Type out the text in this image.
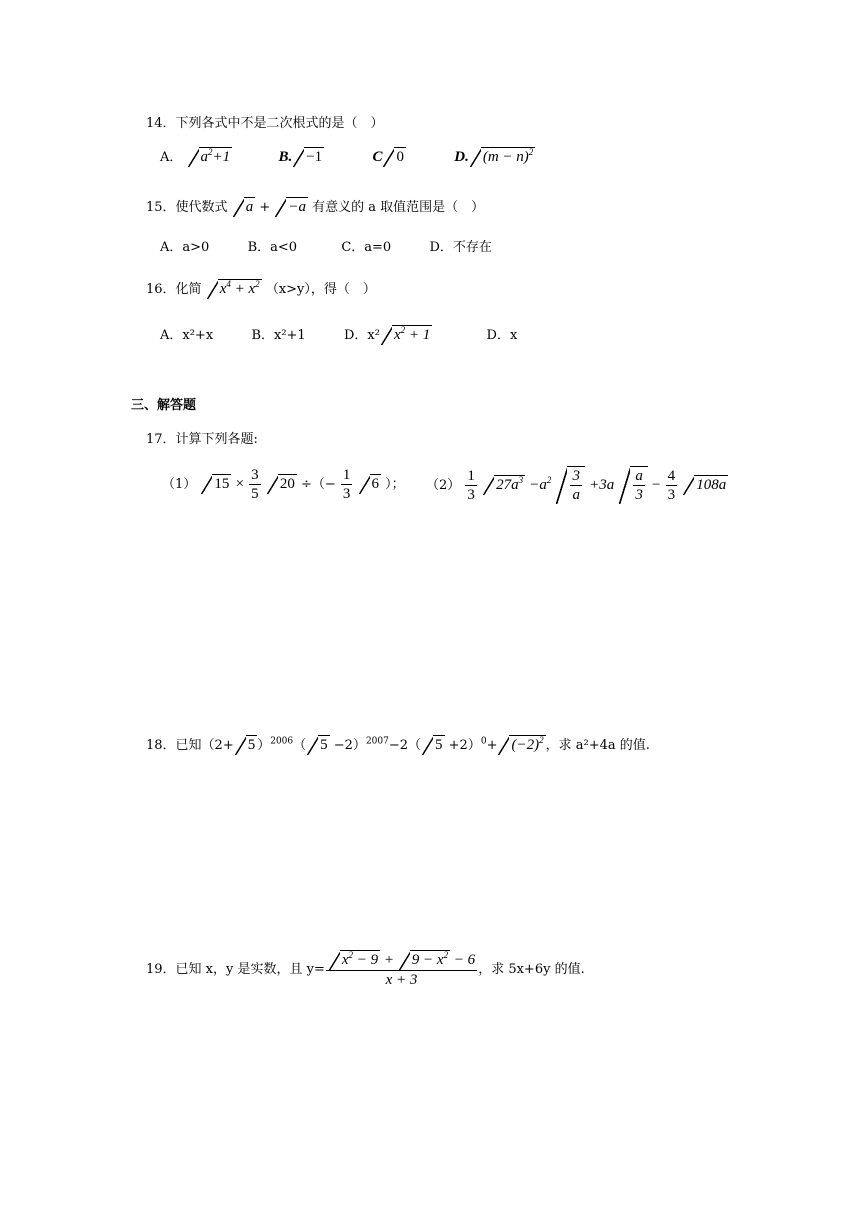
14．下列各式中不是二次根式的是（　）
A． $a^2+1$	B. −1	C 0	D. $(m - n)^2$
15．使代数式 a + −a 有意义的 a 取值范围是（　）
A．a>0	B．a<0	C．a=0	D．不存在
16．化简 $x^4 + x^2$ （x>y），得（　）
A．x²+x	B．x²+1	D．x² $x^2 + 1$	D．x
三、解答题
17．计算下列各题:
（1） $15 \times \frac{3}{5} 20$ ÷（− $\frac{1}{3} 6$ ）； $(2) \frac{1}{3} 27a^3 -a^2 \frac{3}{a} +3a \frac{a}{3} - \frac{4}{3} 108a$
18．已知（2+ 5 ）$^{2006}$（ 5 −2）$^{2007}$−2（ $5 +2)^0+ (-2)^2$ ，求 a²+4a 的值.
19．已知 x，y 是实数，且 $y= \frac{x^2 - 9 + 9 - x^2 - 6}{x + 3}$ ，求 5x+6y 的值.
